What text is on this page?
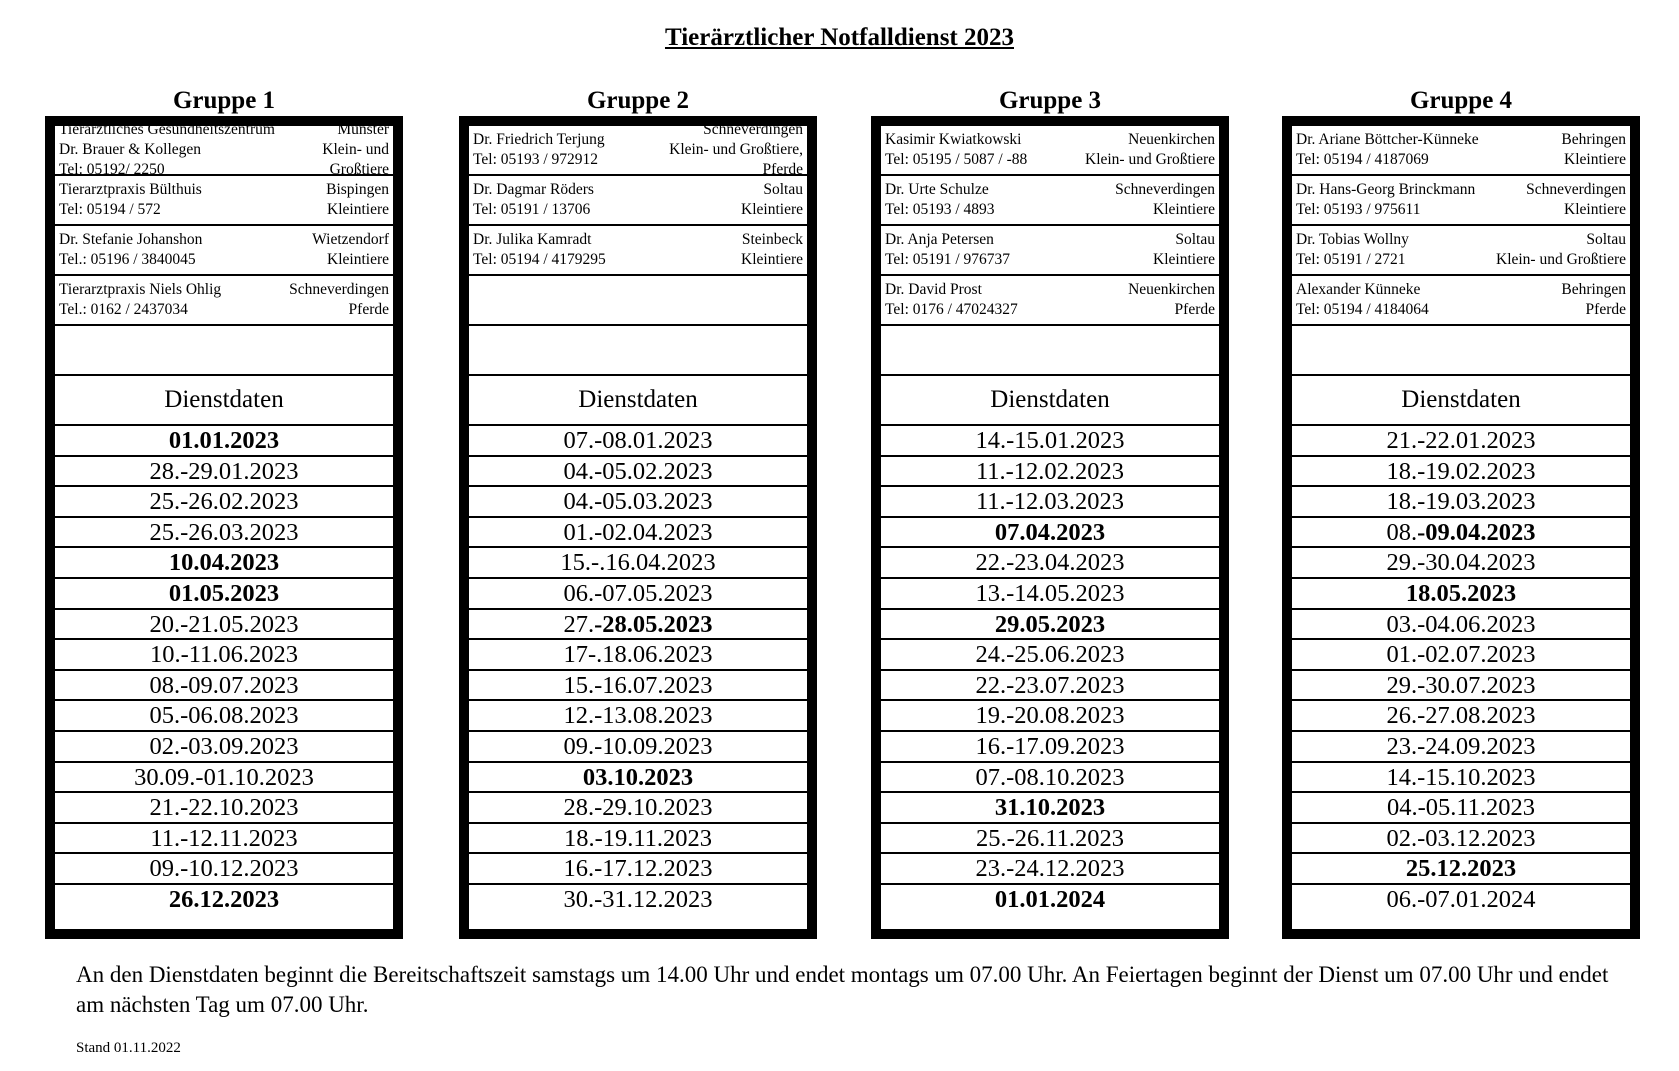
Tierärztlicher Notfalldienst 2023
Gruppe 1
Tierärztliches Gesundheitszentrum
Dr. Brauer & Kollegen
Tel: 05192/ 2250
Munster
Klein- und
Großtiere
Tierarztpraxis Bülthuis
Tel: 05194 / 572
Bispingen
Kleintiere
Dr. Stefanie Johanshon
Tel.: 05196 / 3840045
Wietzendorf
Kleintiere
Tierarztpraxis Niels Ohlig
Tel.: 0162 / 2437034
Schneverdingen
Pferde
Dienstdaten
01.01.2023
28.-29.01.2023
25.-26.02.2023
25.-26.03.2023
10.04.2023
01.05.2023
20.-21.05.2023
10.-11.06.2023
08.-09.07.2023
05.-06.08.2023
02.-03.09.2023
30.09.-01.10.2023
21.-22.10.2023
11.-12.11.2023
09.-10.12.2023
26.12.2023
Gruppe 2
Dr. Friedrich Terjung
Tel: 05193 / 972912
Schneverdingen
Klein- und Großtiere,
Pferde
Dr. Dagmar Röders
Tel: 05191 / 13706
Soltau
Kleintiere
Dr. Julika Kamradt
Tel: 05194 / 4179295
Steinbeck
Kleintiere
Dienstdaten
07.-08.01.2023
04.-05.02.2023
04.-05.03.2023
01.-02.04.2023
15.-.16.04.2023
06.-07.05.2023
27.-28.05.2023
17-.18.06.2023
15.-16.07.2023
12.-13.08.2023
09.-10.09.2023
03.10.2023
28.-29.10.2023
18.-19.11.2023
16.-17.12.2023
30.-31.12.2023
Gruppe 3
Kasimir Kwiatkowski
Tel: 05195 / 5087 / -88
Neuenkirchen
Klein- und Großtiere
Dr. Urte Schulze
Tel: 05193 / 4893
Schneverdingen
Kleintiere
Dr. Anja Petersen
Tel: 05191 / 976737
Soltau
Kleintiere
Dr. David Prost
Tel: 0176 / 47024327
Neuenkirchen
Pferde
Dienstdaten
14.-15.01.2023
11.-12.02.2023
11.-12.03.2023
07.04.2023
22.-23.04.2023
13.-14.05.2023
29.05.2023
24.-25.06.2023
22.-23.07.2023
19.-20.08.2023
16.-17.09.2023
07.-08.10.2023
31.10.2023
25.-26.11.2023
23.-24.12.2023
01.01.2024
Gruppe 4
Dr. Ariane Böttcher-Künneke
Tel: 05194 / 4187069
Behringen
Kleintiere
Dr. Hans-Georg Brinckmann
Tel: 05193 / 975611
Schneverdingen
Kleintiere
Dr. Tobias Wollny
Tel: 05191 / 2721
Soltau
Klein- und Großtiere
Alexander Künneke
Tel: 05194 / 4184064
Behringen
Pferde
Dienstdaten
21.-22.01.2023
18.-19.02.2023
18.-19.03.2023
08.-09.04.2023
29.-30.04.2023
18.05.2023
03.-04.06.2023
01.-02.07.2023
29.-30.07.2023
26.-27.08.2023
23.-24.09.2023
14.-15.10.2023
04.-05.11.2023
02.-03.12.2023
25.12.2023
06.-07.01.2024
An den Dienstdaten beginnt die Bereitschaftszeit samstags um 14.00 Uhr und endet montags um 07.00 Uhr. An Feiertagen beginnt der Dienst um 07.00 Uhr und endet am nächsten Tag um 07.00 Uhr.
Stand 01.11.2022
